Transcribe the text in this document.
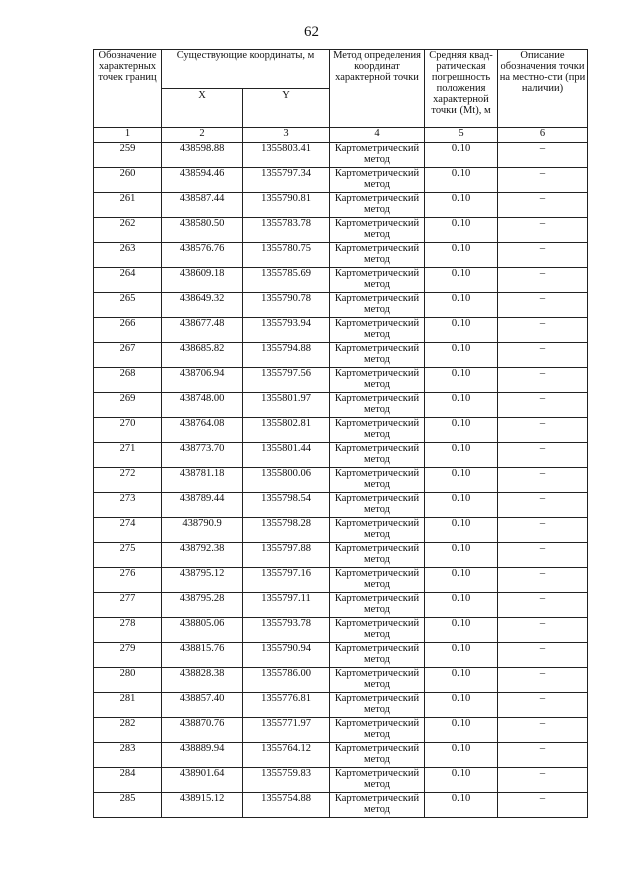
62
Обозначение характерных точек границ	Существующие координаты, м		Метод определения координат характерной точки	Средняя квад-ратическая погрешность положения характерной точки (Mt), м	Описание обозначения точки на местно-сти (при наличии)
	X	Y			
1	2	3	4	5	6
259	438598.88	1355803.41	Картометрический метод	0.10	–
260	438594.46	1355797.34	Картометрический метод	0.10	–
261	438587.44	1355790.81	Картометрический метод	0.10	–
262	438580.50	1355783.78	Картометрический метод	0.10	–
263	438576.76	1355780.75	Картометрический метод	0.10	–
264	438609.18	1355785.69	Картометрический метод	0.10	–
265	438649.32	1355790.78	Картометрический метод	0.10	–
266	438677.48	1355793.94	Картометрический метод	0.10	–
267	438685.82	1355794.88	Картометрический метод	0.10	–
268	438706.94	1355797.56	Картометрический метод	0.10	–
269	438748.00	1355801.97	Картометрический метод	0.10	–
270	438764.08	1355802.81	Картометрический метод	0.10	–
271	438773.70	1355801.44	Картометрический метод	0.10	–
272	438781.18	1355800.06	Картометрический метод	0.10	–
273	438789.44	1355798.54	Картометрический метод	0.10	–
274	438790.9	1355798.28	Картометрический метод	0.10	–
275	438792.38	1355797.88	Картометрический метод	0.10	–
276	438795.12	1355797.16	Картометрический метод	0.10	–
277	438795.28	1355797.11	Картометрический метод	0.10	–
278	438805.06	1355793.78	Картометрический метод	0.10	–
279	438815.76	1355790.94	Картометрический метод	0.10	–
280	438828.38	1355786.00	Картометрический метод	0.10	–
281	438857.40	1355776.81	Картометрический метод	0.10	–
282	438870.76	1355771.97	Картометрический метод	0.10	–
283	438889.94	1355764.12	Картометрический метод	0.10	–
284	438901.64	1355759.83	Картометрический метод	0.10	–
285	438915.12	1355754.88	Картометрический метод	0.10	–
